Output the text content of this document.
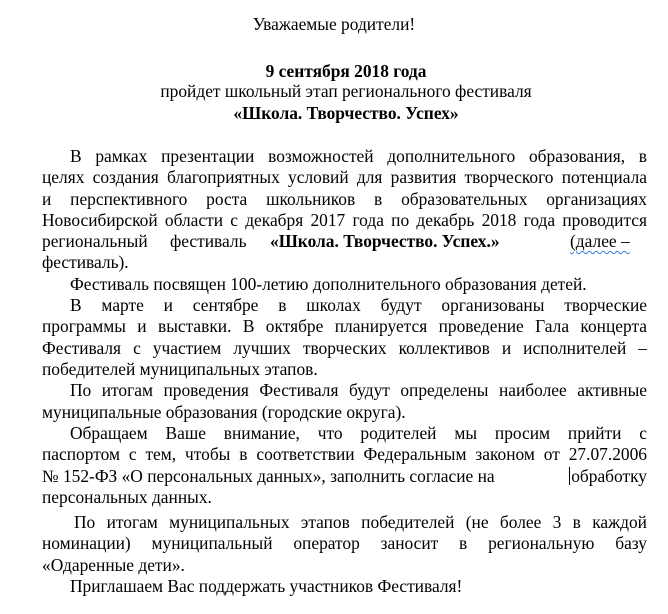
Уважаемые родители!
9 сентября 2018 года
пройдет школьный этап регионального фестиваля
«Школа. Творчество. Успех»
В рамках презентации возможностей дополнительного образования, в
целях создания благоприятных условий для развития творческого потенциала
и перспективного роста школьников в образовательных организациях
Новосибирской области с декабря 2017 года по декабрь 2018 года проводится
региональный фестиваль «Школа. Творчество. Успех.»	(далее –
фестиваль).
Фестиваль посвящен 100-летию дополнительного образования детей.
В марте и сентябре в школах будут организованы творческие
программы и выставки. В октябре планируется проведение Гала концерта
Фестиваля с участием лучших творческих коллективов и исполнителей –
победителей муниципальных этапов.
По итогам проведения Фестиваля будут определены наиболее активные
муниципальные образования (городские округа).
Обращаем Ваше внимание, что родителей мы просим прийти с
паспортом с тем, чтобы в соответствии Федеральным законом от 27.07.2006
№ 152-ФЗ «О персональных данных», заполнить согласие на	обработку
персональных данных.
По итогам муниципальных этапов победителей (не более 3 в каждой
номинации) муниципальный оператор заносит в региональную базу
«Одаренные дети».
Приглашаем Вас поддержать участников Фестиваля!
